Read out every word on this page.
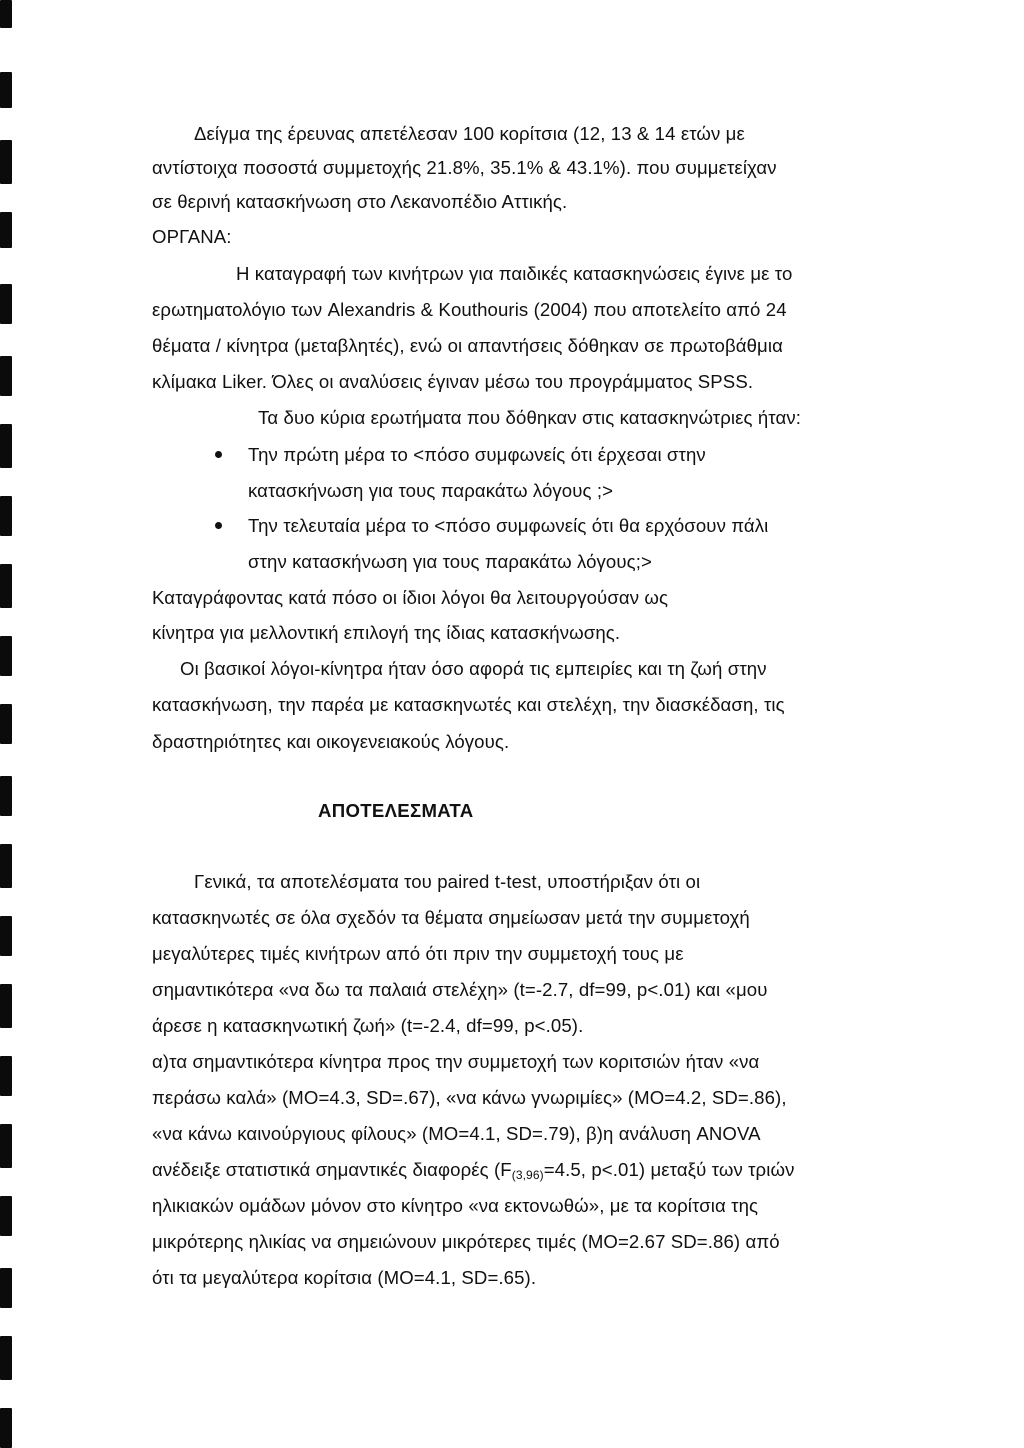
Δείγμα της έρευνας απετέλεσαν 100 κορίτσια (12, 13 & 14 ετών με
αντίστοιχα ποσοστά συμμετοχής 21.8%, 35.1% & 43.1%). που συμμετείχαν
σε θερινή κατασκήνωση στο Λεκανοπέδιο Αττικής.
ΟΡΓΑΝΑ:
Η καταγραφή των κινήτρων για παιδικές κατασκηνώσεις έγινε με το
ερωτηματολόγιο των Alexandris & Kouthouris (2004) που αποτελείτο από 24
θέματα / κίνητρα (μεταβλητές), ενώ οι απαντήσεις δόθηκαν σε πρωτοβάθμια
κλίμακα Liker. Όλες οι αναλύσεις έγιναν μέσω του προγράμματος SPSS.
Τα δυο κύρια ερωτήματα που δόθηκαν στις κατασκηνώτριες ήταν:
Την πρώτη μέρα το <πόσο συμφωνείς ότι έρχεσαι στην
κατασκήνωση για τους παρακάτω λόγους ;>
Την τελευταία μέρα το <πόσο συμφωνείς ότι θα ερχόσουν πάλι
στην κατασκήνωση για τους παρακάτω λόγους;>
Καταγράφοντας κατά πόσο οι ίδιοι λόγοι θα λειτουργούσαν ως
κίνητρα για μελλοντική επιλογή της ίδιας κατασκήνωσης.
Οι βασικοί λόγοι-κίνητρα ήταν όσο αφορά τις εμπειρίες και τη ζωή στην
κατασκήνωση, την παρέα με κατασκηνωτές και στελέχη, την διασκέδαση, τις
δραστηριότητες και οικογενειακούς λόγους.
ΑΠΟΤΕΛΕΣΜΑΤΑ
Γενικά, τα αποτελέσματα του paired t-test, υποστήριξαν ότι οι
κατασκηνωτές σε όλα σχεδόν τα θέματα σημείωσαν μετά την συμμετοχή
μεγαλύτερες τιμές κινήτρων από ότι πριν την συμμετοχή τους με
σημαντικότερα «να δω τα παλαιά στελέχη» (t=-2.7, df=99, p<.01) και «μου
άρεσε η κατασκηνωτική ζωή» (t=-2.4, df=99, p<.05).
α)τα σημαντικότερα κίνητρα προς την συμμετοχή των κοριτσιών ήταν «να
περάσω καλά» (ΜΟ=4.3, SD=.67), «να κάνω γνωριμίες» (ΜΟ=4.2, SD=.86),
«να κάνω καινούργιους φίλους» (ΜΟ=4.1, SD=.79), β)η ανάλυση ANOVA
ανέδειξε στατιστικά σημαντικές διαφορές ($F_{(3,96)}=4.5$, p<.01) μεταξύ των τριών
ηλικιακών ομάδων μόνον στο κίνητρο «να εκτονωθώ», με τα κορίτσια της
μικρότερης ηλικίας να σημειώνουν μικρότερες τιμές (ΜΟ=2.67 SD=.86) από
ότι τα μεγαλύτερα κορίτσια (ΜΟ=4.1, SD=.65).
